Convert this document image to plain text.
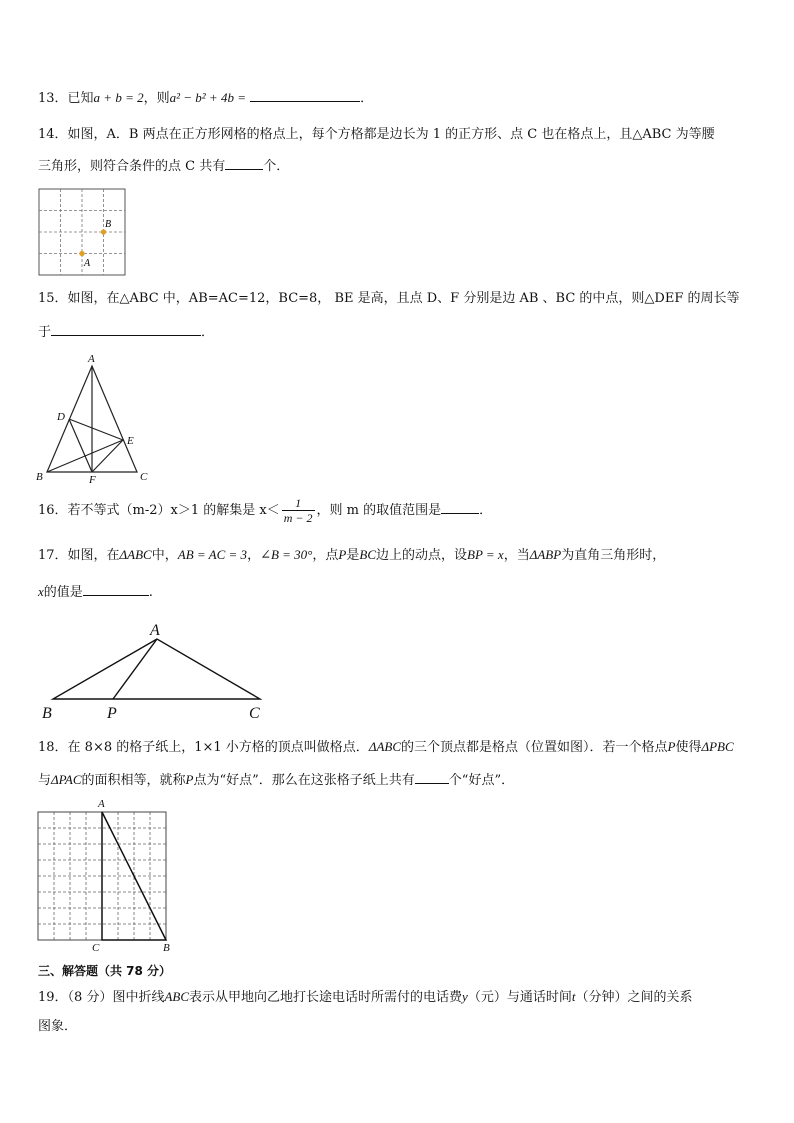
13．已知a + b = 2，则a² − b² + 4b =	．
14．如图，A．B 两点在正方形网格的格点上，每个方格都是边长为 1 的正方形、点 C 也在格点上，且△ABC 为等腰
三角形，则符合条件的点 C 共有	个．
B
A
15．如图，在△ABC 中，AB=AC=12，BC=8， BE 是高，且点 D、F 分别是边 AB 、BC 的中点，则△DEF 的周长等
于	．
A
D
E
B	F	C
16．若不等式（m-2）x＞1 的解集是 $x< \frac{1}{m - 2}$ ，则 m 的取值范围是	．
17．如图，在ΔABC中，AB = AC = 3，∠B = 30°，点P是BC边上的动点，设BP = x，当ΔABP为直角三角形时，
x的值是	.
A
B	P	C
18．在 8×8 的格子纸上，1×1 小方格的顶点叫做格点．ΔABC的三个顶点都是格点（位置如图）．若一个格点P使得ΔPBC
与ΔPAC的面积相等，就称P点为“好点”．那么在这张格子纸上共有	个“好点”．
A
C	B
三、解答题（共 78 分）
19．（8 分）图中折线ABC表示从甲地向乙地打长途电话时所需付的电话费y（元）与通话时间t（分钟）之间的关系
图象．
